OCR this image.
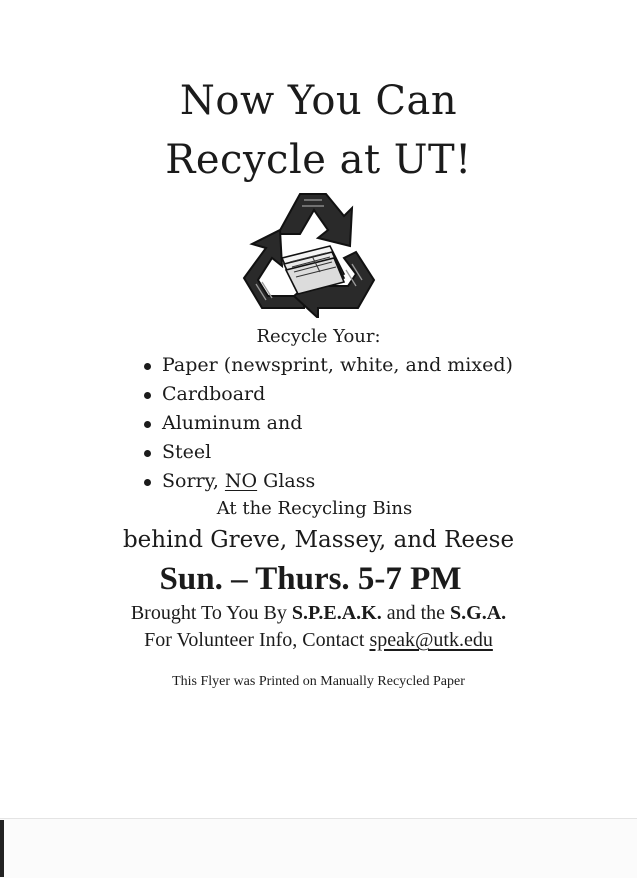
Now You Can
Recycle at UT!
Recycle Your:
Paper (newsprint, white, and mixed)
Cardboard
Aluminum and
Steel
Sorry, NO Glass
At the Recycling Bins
behind Greve, Massey, and Reese
Sun. – Thurs. 5-7 PM
Brought To You By S.P.E.A.K. and the S.G.A.
For Volunteer Info, Contact speak@utk.edu
This Flyer was Printed on Manually Recycled Paper
